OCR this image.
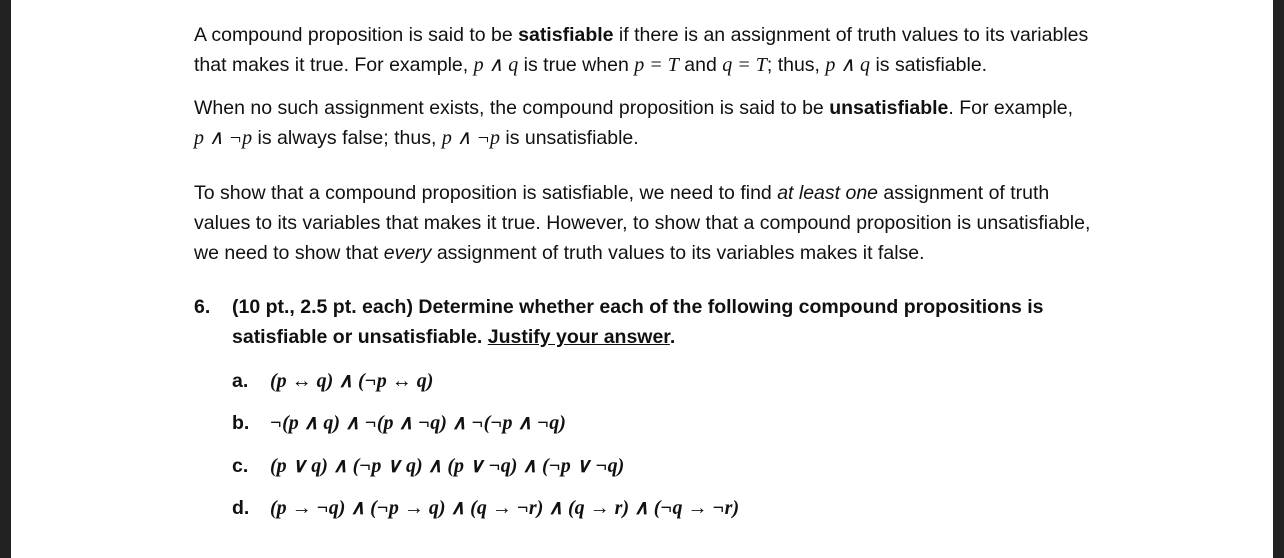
A compound proposition is said to be satisfiable if there is an assignment of truth values to its variables
that makes it true. For example, p ∧ q is true when p = T and q = T; thus, p ∧ q is satisfiable.
When no such assignment exists, the compound proposition is said to be unsatisfiable. For example,
p ∧ ¬p is always false; thus, p ∧ ¬p is unsatisfiable.
To show that a compound proposition is satisfiable, we need to find at least one assignment of truth
values to its variables that makes it true. However, to show that a compound proposition is unsatisfiable,
we need to show that every assignment of truth values to its variables makes it false.
6. (10 pt., 2.5 pt. each) Determine whether each of the following compound propositions is
satisfiable or unsatisfiable. Justify your answer.
a. (p ↔ q) ∧ (¬p ↔ q)
b. ¬(p ∧ q) ∧ ¬(p ∧ ¬q) ∧ ¬(¬p ∧ ¬q)
c. (p ∨ q) ∧ (¬p ∨ q) ∧ (p ∨ ¬q) ∧ (¬p ∨ ¬q)
d. (p → ¬q) ∧ (¬p → q) ∧ (q → ¬r) ∧ (q → r) ∧ (¬q → ¬r)
